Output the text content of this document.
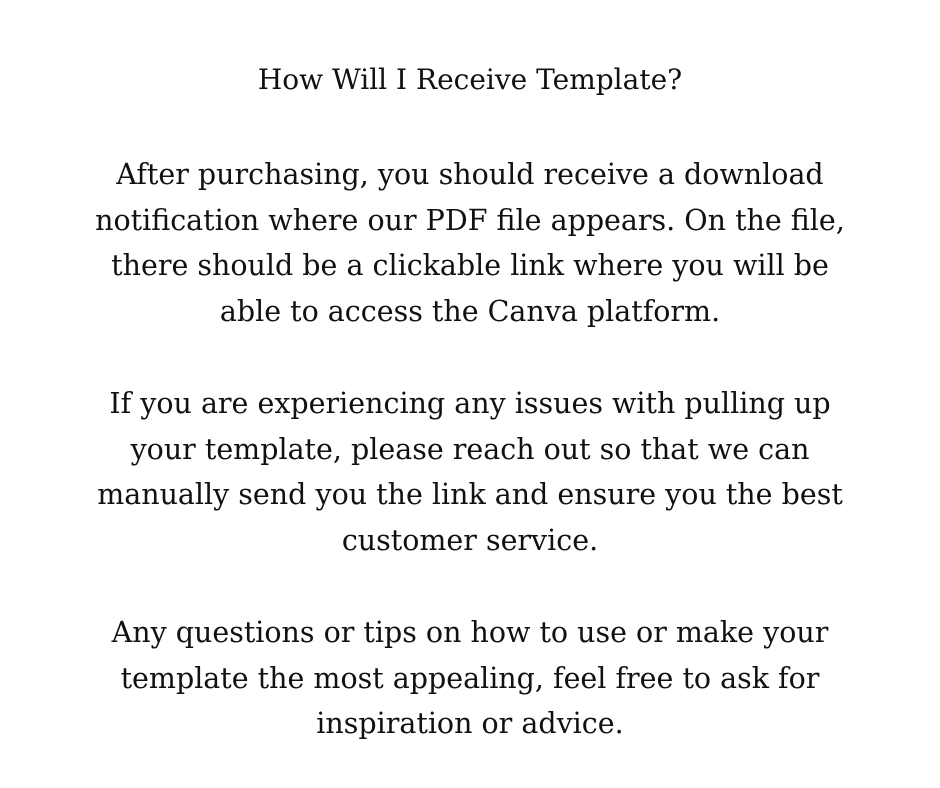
How Will I Receive Template?

After purchasing, you should receive a download
notification where our PDF file appears. On the file,
there should be a clickable link where you will be
able to access the Canva platform.

If you are experiencing any issues with pulling up
your template, please reach out so that we can
manually send you the link and ensure you the best
customer service.

Any questions or tips on how to use or make your
template the most appealing, feel free to ask for
inspiration or advice.
